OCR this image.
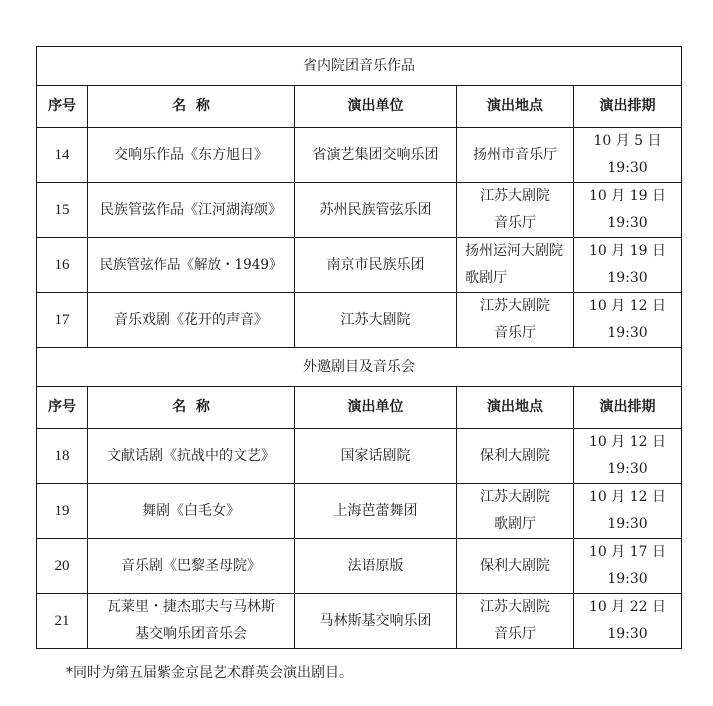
省内院团音乐作品				
序号	名  称	演出单位	演出地点	演出排期
14	交响乐作品《东方旭日》	省演艺集团交响乐团	扬州市音乐厅	10 月 5 日
19:30

15	民族管弦作品《江河湖海颂》	苏州民族管弦乐团	江苏大剧院 音乐厅	10 月 19 日
19:30

16	民族管弦作品《解放・1949》	南京市民族乐团	扬州运河大剧院歌剧厅	10 月 19 日
19:30

17	音乐戏剧《花开的声音》	江苏大剧院	江苏大剧院 音乐厅	10 月 12 日
19:30

外邀剧目及音乐会				
序号	名  称	演出单位	演出地点	演出排期
18	文献话剧《抗战中的文艺》	国家话剧院	保利大剧院	10 月 12 日
19:30

19	舞剧《白毛女》	上海芭蕾舞团	江苏大剧院 歌剧厅	10 月 12 日
19:30

20	音乐剧《巴黎圣母院》	法语原版	保利大剧院	10 月 17 日
19:30

21	瓦莱里・捷杰耶夫与马林斯基交响乐团音乐会	马林斯基交响乐团	江苏大剧院 音乐厅	10 月 22 日
19:30
*同时为第五届紫金京昆艺术群英会演出剧目。
